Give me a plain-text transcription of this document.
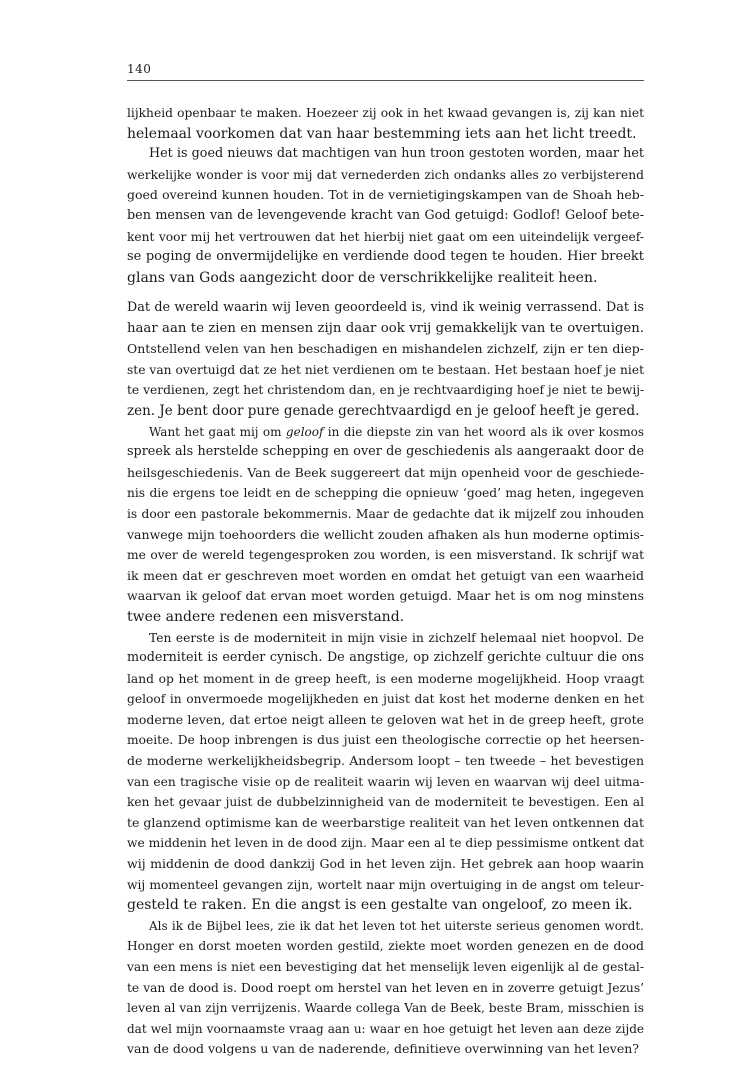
140
lijkheid openbaar te maken. Hoezeer zij ook in het kwaad gevangen is, zij kan niet
helemaal voorkomen dat van haar bestemming iets aan het licht treedt.
Het is goed nieuws dat machtigen van hun troon gestoten worden, maar het
werkelijke wonder is voor mij dat vernederden zich ondanks alles zo verbijsterend
goed overeind kunnen houden. Tot in de vernietigingskampen van de Shoah heb-
ben mensen van de levengevende kracht van God getuigd: Godlof! Geloof bete-
kent voor mij het vertrouwen dat het hierbij niet gaat om een uiteindelijk vergeef-
se poging de onvermijdelijke en verdiende dood tegen te houden. Hier breekt
glans van Gods aangezicht door de verschrikkelijke realiteit heen.
Dat de wereld waarin wij leven geoordeeld is, vind ik weinig verrassend. Dat is
haar aan te zien en mensen zijn daar ook vrij gemakkelijk van te overtuigen.
Ontstellend velen van hen beschadigen en mishandelen zichzelf, zijn er ten diep-
ste van overtuigd dat ze het niet verdienen om te bestaan. Het bestaan hoef je niet
te verdienen, zegt het christendom dan, en je rechtvaardiging hoef je niet te bewij-
zen. Je bent door pure genade gerechtvaardigd en je geloof heeft je gered.
Want het gaat mij om geloof in die diepste zin van het woord als ik over kosmos
spreek als herstelde schepping en over de geschiedenis als aangeraakt door de
heilsgeschiedenis. Van de Beek suggereert dat mijn openheid voor de geschiede-
nis die ergens toe leidt en de schepping die opnieuw ‘goed’ mag heten, ingegeven
is door een pastorale bekommernis. Maar de gedachte dat ik mijzelf zou inhouden
vanwege mijn toehoorders die wellicht zouden afhaken als hun moderne optimis-
me over de wereld tegengesproken zou worden, is een misverstand. Ik schrijf wat
ik meen dat er geschreven moet worden en omdat het getuigt van een waarheid
waarvan ik geloof dat ervan moet worden getuigd. Maar het is om nog minstens
twee andere redenen een misverstand.
Ten eerste is de moderniteit in mijn visie in zichzelf helemaal niet hoopvol. De
moderniteit is eerder cynisch. De angstige, op zichzelf gerichte cultuur die ons
land op het moment in de greep heeft, is een moderne mogelijkheid. Hoop vraagt
geloof in onvermoede mogelijkheden en juist dat kost het moderne denken en het
moderne leven, dat ertoe neigt alleen te geloven wat het in de greep heeft, grote
moeite. De hoop inbrengen is dus juist een theologische correctie op het heersen-
de moderne werkelijkheidsbegrip. Andersom loopt – ten tweede – het bevestigen
van een tragische visie op de realiteit waarin wij leven en waarvan wij deel uitma-
ken het gevaar juist de dubbelzinnigheid van de moderniteit te bevestigen. Een al
te glanzend optimisme kan de weerbarstige realiteit van het leven ontkennen dat
we middenin het leven in de dood zijn. Maar een al te diep pessimisme ontkent dat
wij middenin de dood dankzij God in het leven zijn. Het gebrek aan hoop waarin
wij momenteel gevangen zijn, wortelt naar mijn overtuiging in de angst om teleur-
gesteld te raken. En die angst is een gestalte van ongeloof, zo meen ik.
Als ik de Bijbel lees, zie ik dat het leven tot het uiterste serieus genomen wordt.
Honger en dorst moeten worden gestild, ziekte moet worden genezen en de dood
van een mens is niet een bevestiging dat het menselijk leven eigenlijk al de gestal-
te van de dood is. Dood roept om herstel van het leven en in zoverre getuigt Jezus’
leven al van zijn verrijzenis. Waarde collega Van de Beek, beste Bram, misschien is
dat wel mijn voornaamste vraag aan u: waar en hoe getuigt het leven aan deze zijde
van de dood volgens u van de naderende, definitieve overwinning van het leven?
